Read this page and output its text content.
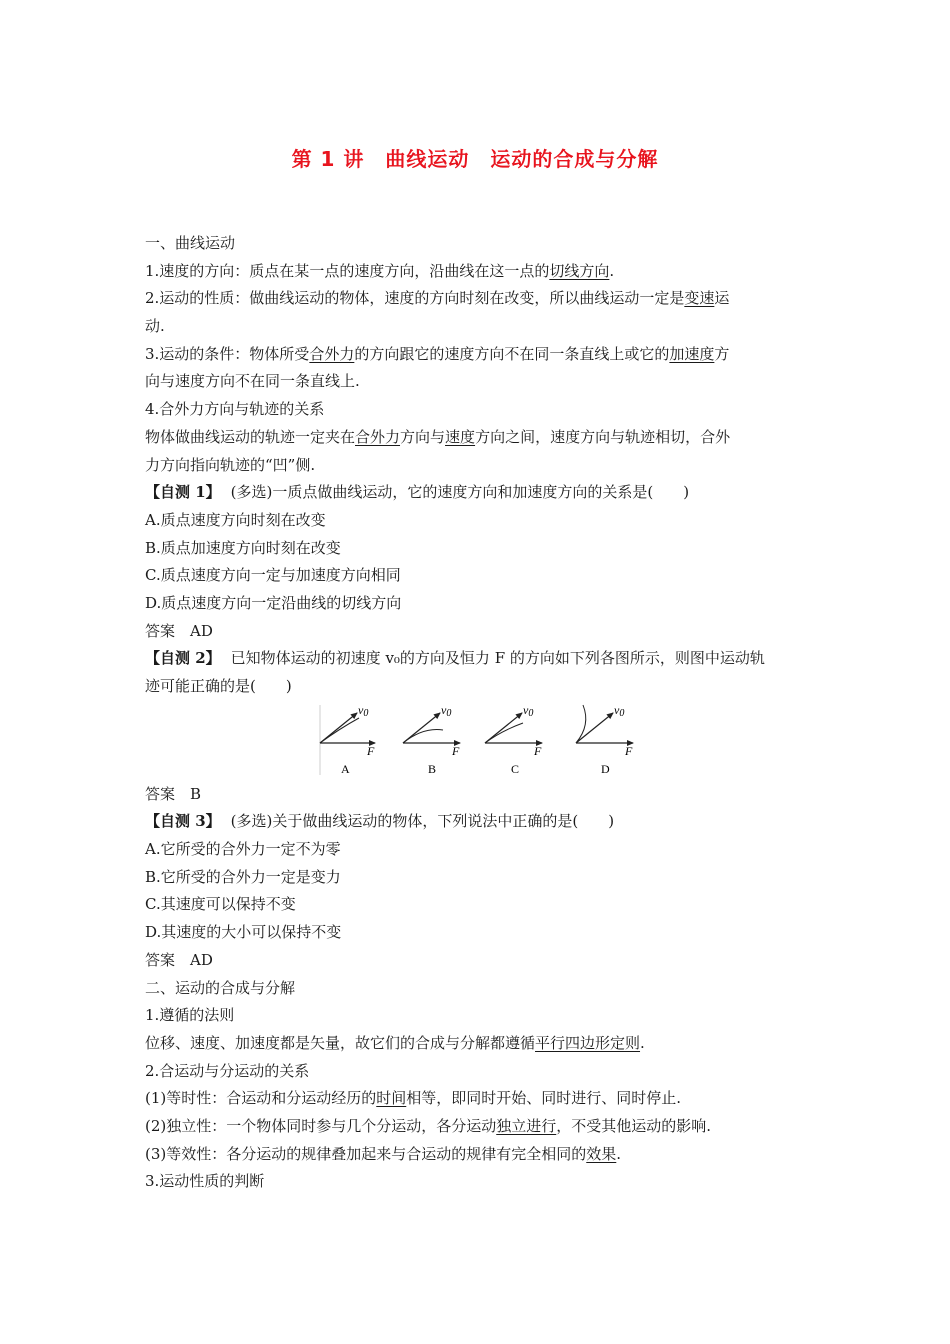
第 1 讲　曲线运动　运动的合成与分解
一、曲线运动
1.速度的方向：质点在某一点的速度方向，沿曲线在这一点的切线方向.
2.运动的性质：做曲线运动的物体，速度的方向时刻在改变，所以曲线运动一定是变速运
动.
3.运动的条件：物体所受合外力的方向跟它的速度方向不在同一条直线上或它的加速度方
向与速度方向不在同一条直线上.
4.合外力方向与轨迹的关系
物体做曲线运动的轨迹一定夹在合外力方向与速度方向之间，速度方向与轨迹相切，合外
力方向指向轨迹的“凹”侧.
【自测 1】 (多选)一质点做曲线运动，它的速度方向和加速度方向的关系是(　　)
A.质点速度方向时刻在改变
B.质点加速度方向时刻在改变
C.质点速度方向一定与加速度方向相同
D.质点速度方向一定沿曲线的切线方向
答案　AD
【自测 2】 已知物体运动的初速度 v₀的方向及恒力 F 的方向如下列各图所示，则图中运动轨
迹可能正确的是(　　)
v0
F
A
v0
F
B
v0
F
C
v0
F
D
答案　B
【自测 3】 (多选)关于做曲线运动的物体，下列说法中正确的是(　　)
A.它所受的合外力一定不为零
B.它所受的合外力一定是变力
C.其速度可以保持不变
D.其速度的大小可以保持不变
答案　AD
二、运动的合成与分解
1.遵循的法则
位移、速度、加速度都是矢量，故它们的合成与分解都遵循平行四边形定则.
2.合运动与分运动的关系
(1)等时性：合运动和分运动经历的时间相等，即同时开始、同时进行、同时停止.
(2)独立性：一个物体同时参与几个分运动，各分运动独立进行，不受其他运动的影响.
(3)等效性：各分运动的规律叠加起来与合运动的规律有完全相同的效果.
3.运动性质的判断
